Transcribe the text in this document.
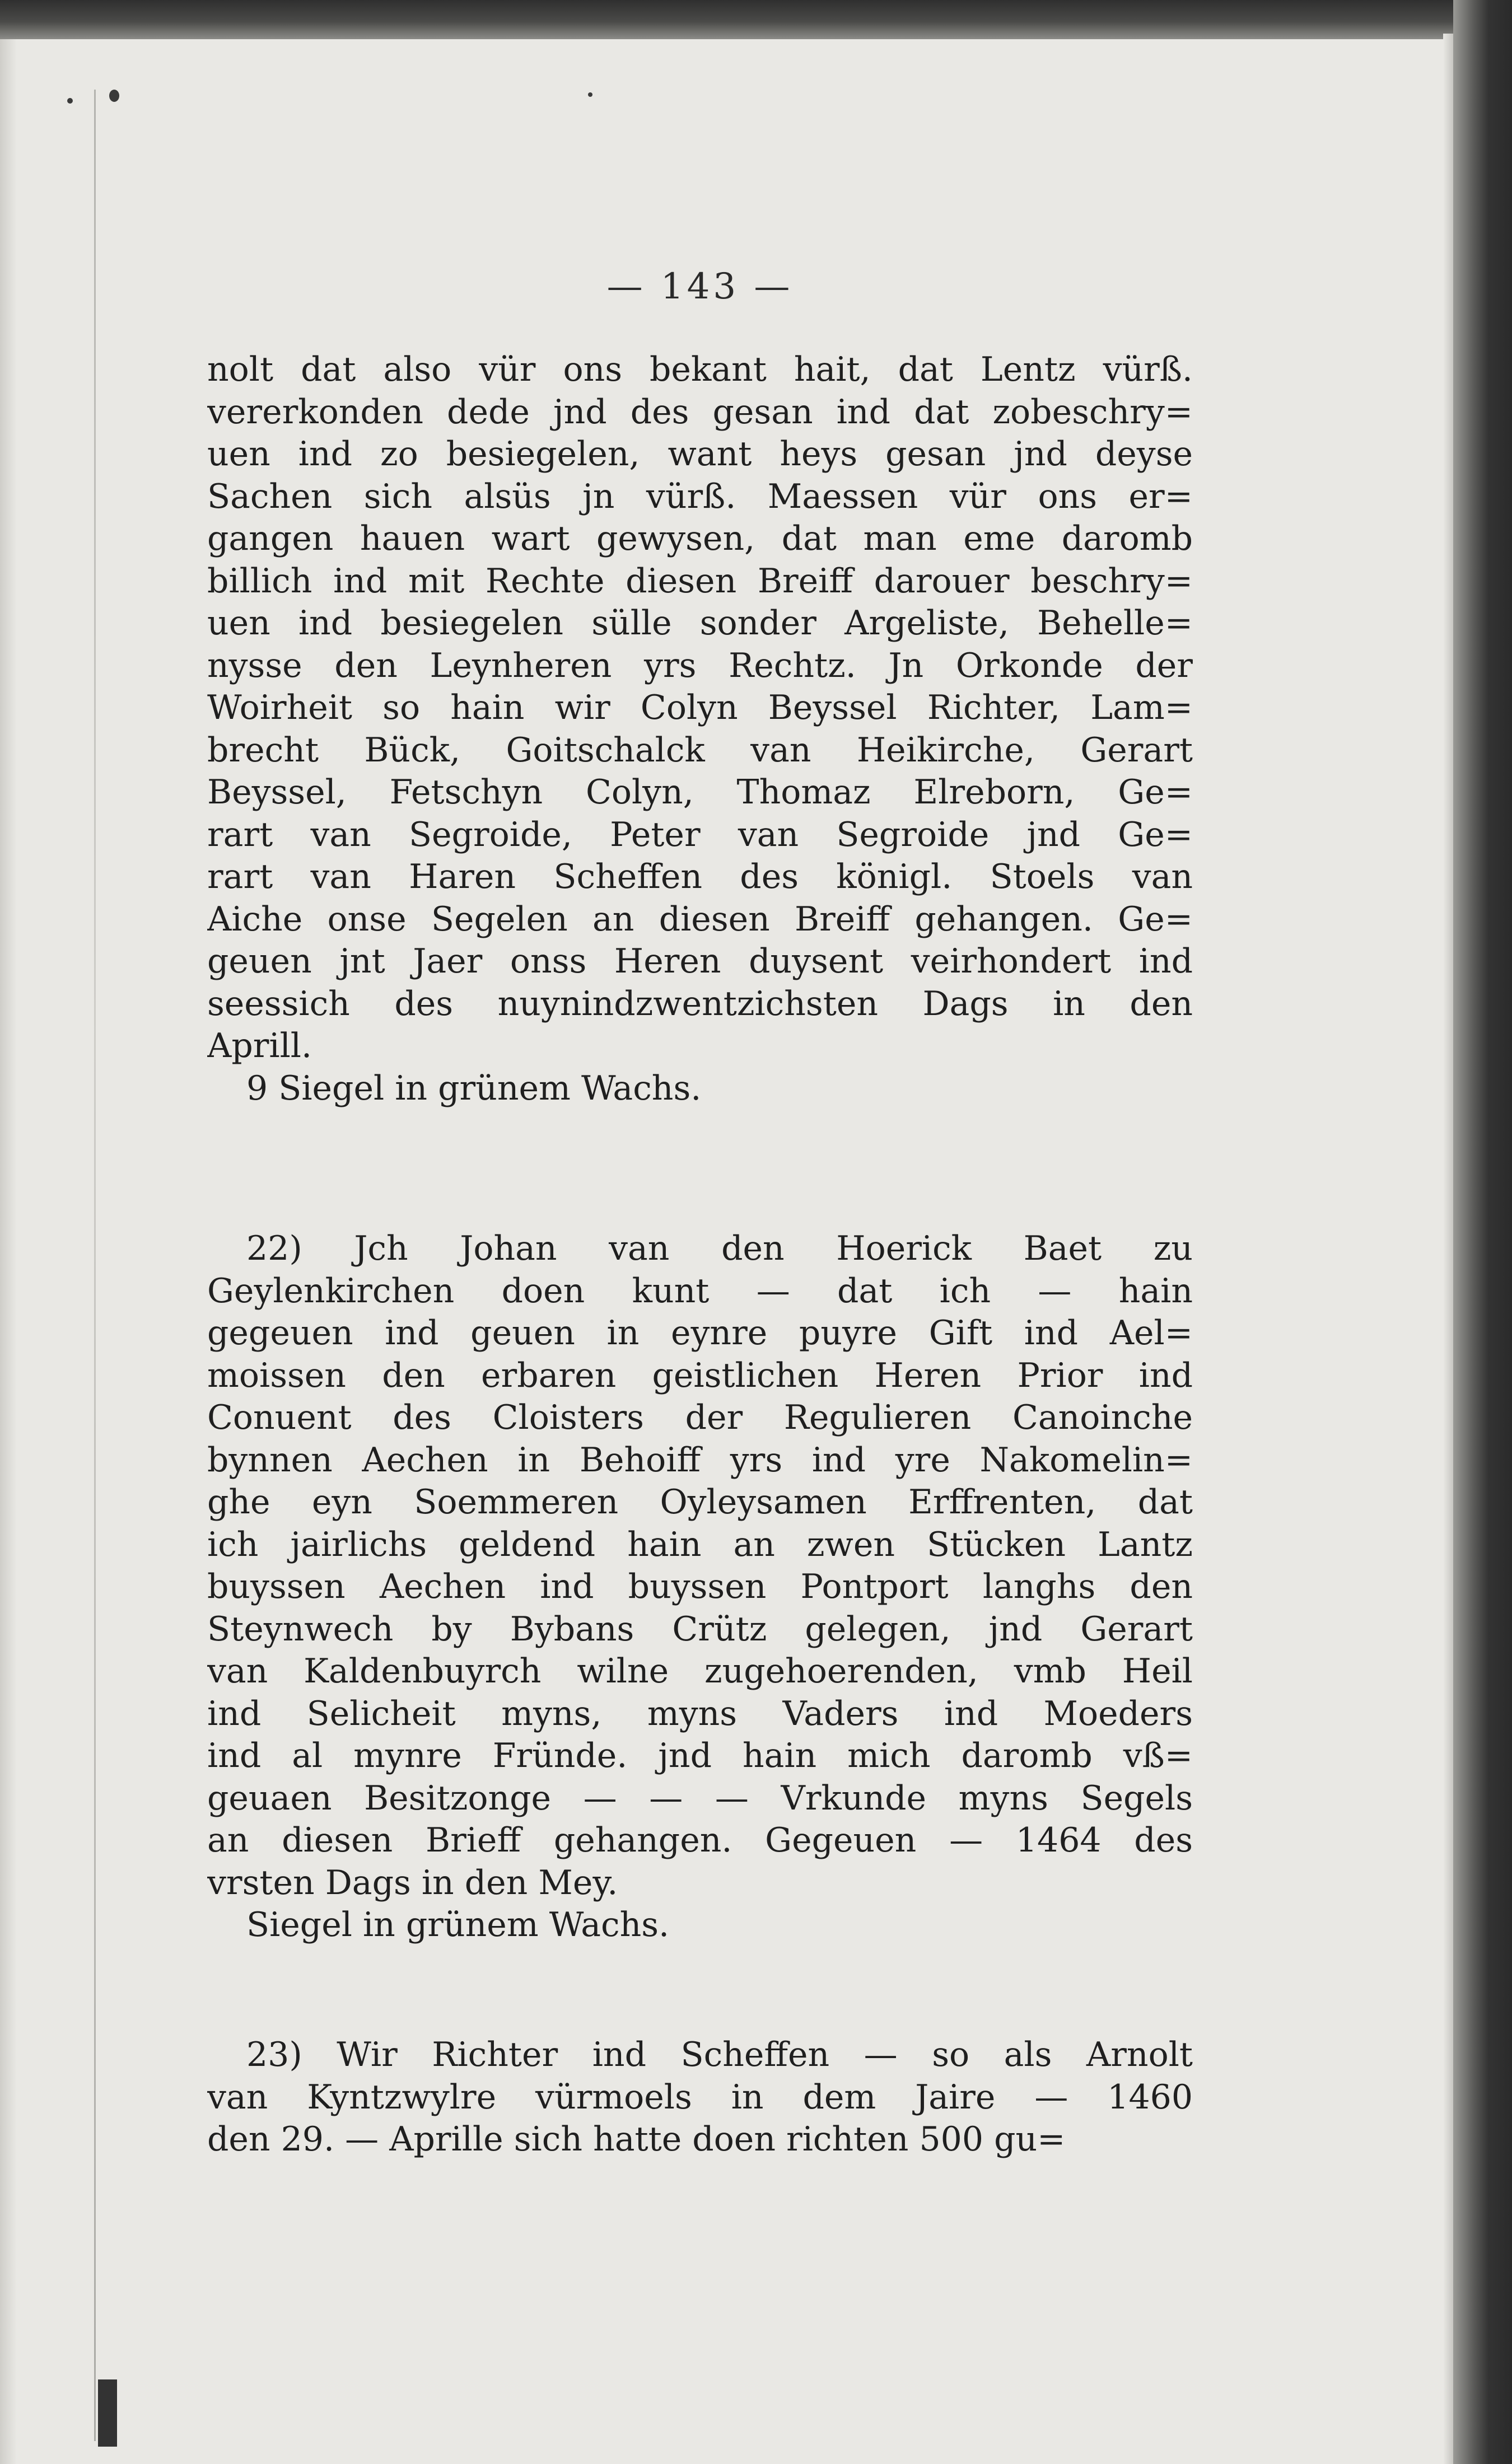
— 143 —
nolt dat also vür ons bekant hait, dat Lentz vürß.
vererkonden dede jnd des gesan ind dat zobeschry=
uen ind zo besiegelen, want heys gesan jnd deyse
Sachen sich alsüs jn vürß. Maessen vür ons er=
gangen hauen wart gewysen, dat man eme daromb
billich ind mit Rechte diesen Breiff darouer beschry=
uen ind besiegelen sülle sonder Argeliste, Behelle=
nysse den Leynheren yrs Rechtz. Jn Orkonde der
Woirheit so hain wir Colyn Beyssel Richter, Lam=
brecht Bück, Goitschalck van Heikirche, Gerart
Beyssel, Fetschyn Colyn, Thomaz Elreborn, Ge=
rart van Segroide, Peter van Segroide jnd Ge=
rart van Haren Scheffen des königl. Stoels van
Aiche onse Segelen an diesen Breiff gehangen. Ge=
geuen jnt Jaer onss Heren duysent veirhondert ind
seessich des nuynindzwentzichsten Dags in den
Aprill.
9 Siegel in grünem Wachs.
22) Jch Johan van den Hoerick Baet zu
Geylenkirchen doen kunt — dat ich — hain
gegeuen ind geuen in eynre puyre Gift ind Ael=
moissen den erbaren geistlichen Heren Prior ind
Conuent des Cloisters der Regulieren Canoinche
bynnen Aechen in Behoiff yrs ind yre Nakomelin=
ghe eyn Soemmeren Oyleysamen Erffrenten, dat
ich jairlichs geldend hain an zwen Stücken Lantz
buyssen Aechen ind buyssen Pontport langhs den
Steynwech by Bybans Crütz gelegen, jnd Gerart
van Kaldenbuyrch wilne zugehoerenden, vmb Heil
ind Selicheit myns, myns Vaders ind Moeders
ind al mynre Fründe. jnd hain mich daromb vß=
geuaen Besitzonge — — — Vrkunde myns Segels
an diesen Brieff gehangen. Gegeuen — 1464 des
vrsten Dags in den Mey.
Siegel in grünem Wachs.
23) Wir Richter ind Scheffen — so als Arnolt
van Kyntzwylre vürmoels in dem Jaire — 1460
den 29. — Aprille sich hatte doen richten 500 gu=
